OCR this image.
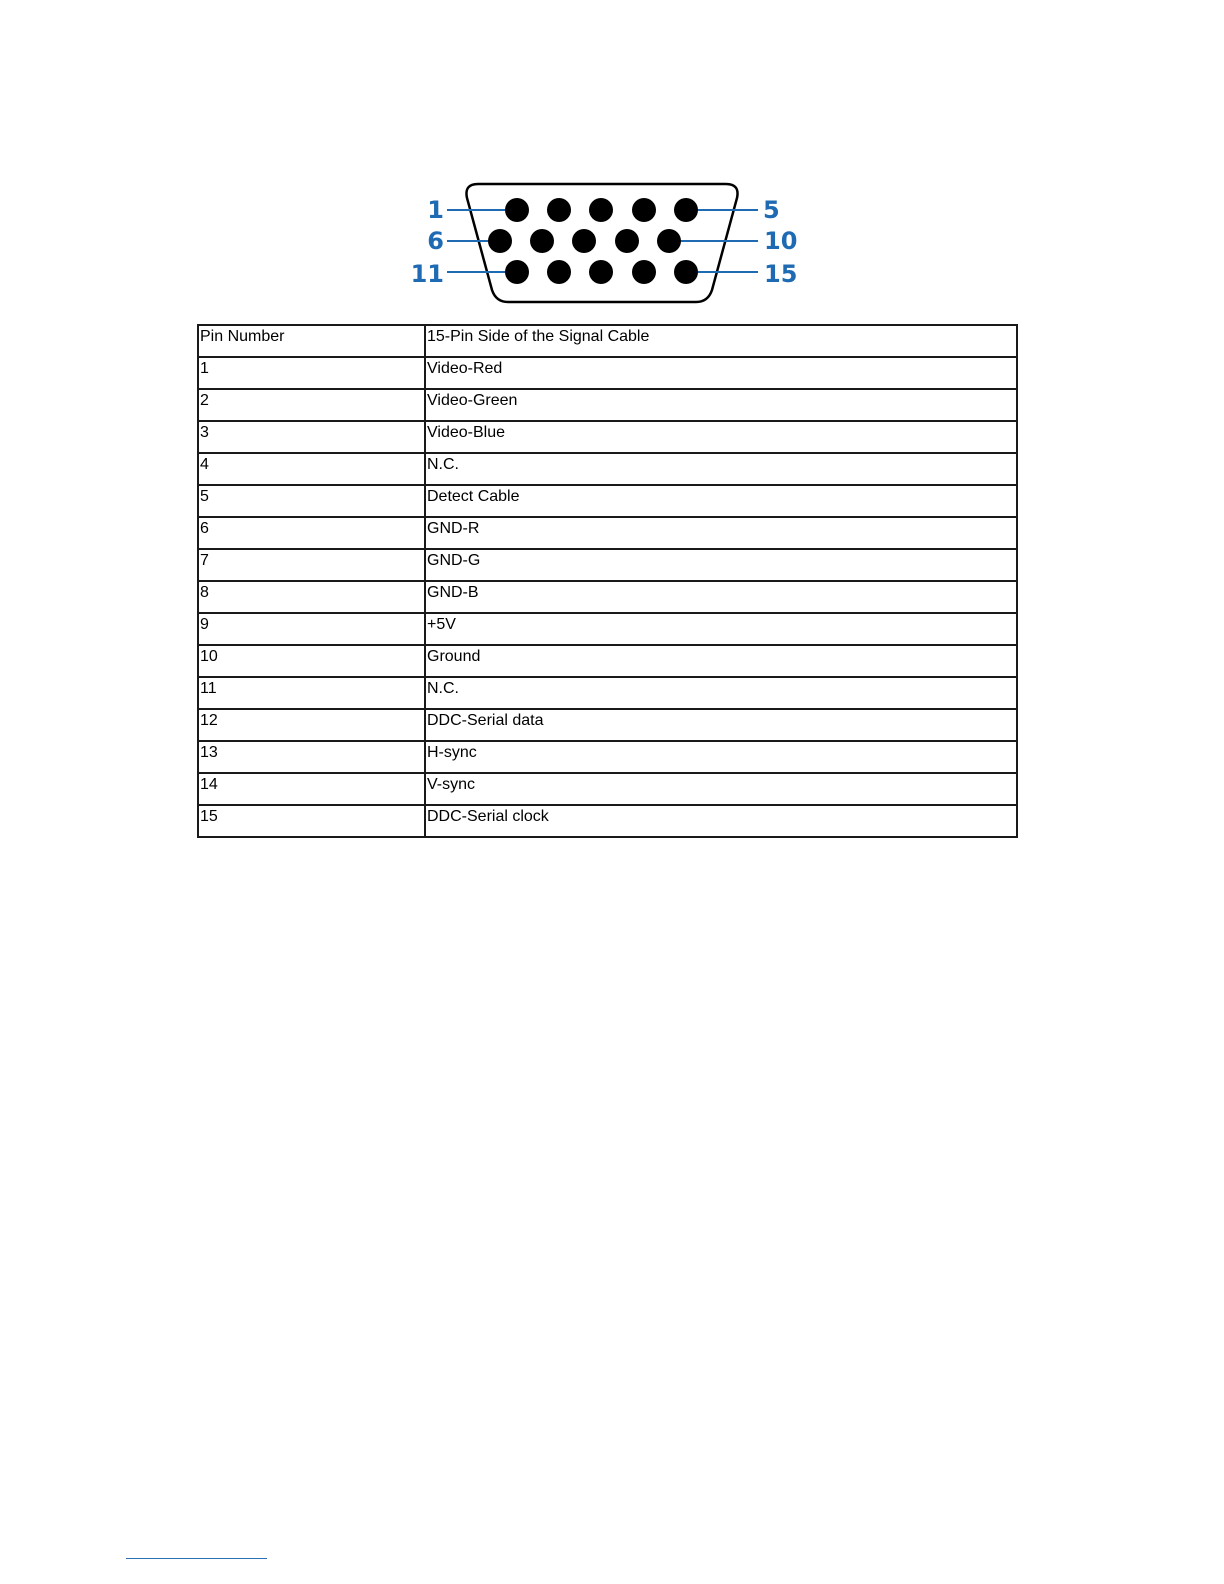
1
6
11
5
10
15
Pin Number	15-Pin Side of the Signal Cable
1	Video-Red
2	Video-Green
3	Video-Blue
4	N.C.
5	Detect Cable
6	GND-R
7	GND-G
8	GND-B
9	+5V
10	Ground
11	N.C.
12	DDC-Serial data
13	H-sync
14	V-sync
15	DDC-Serial clock
